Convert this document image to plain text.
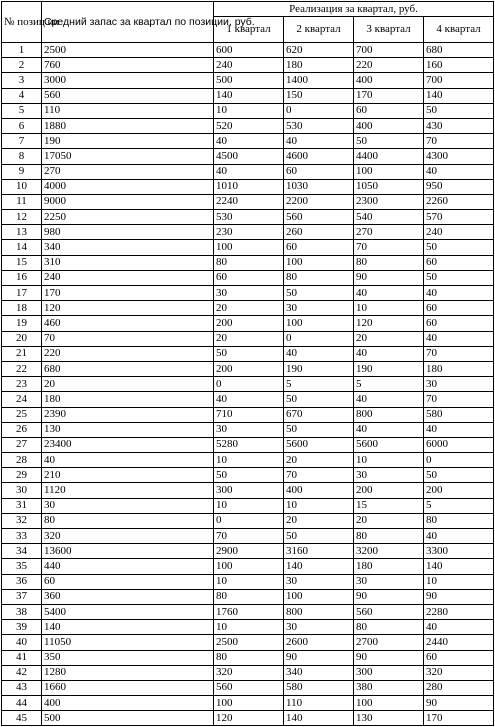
№ позиц ии	Средний запас за квартал по позиции, руб.	Реализация за квартал, руб.			
		1 квартал	2 квартал	3 квартал	4 квартал
1	2500	600	620	700	680
2	760	240	180	220	160
3	3000	500	1400	400	700
4	560	140	150	170	140
5	110	10	0	60	50
6	1880	520	530	400	430
7	190	40	40	50	70
8	17050	4500	4600	4400	4300
9	270	40	60	100	40
10	4000	1010	1030	1050	950
11	9000	2240	2200	2300	2260
12	2250	530	560	540	570
13	980	230	260	270	240
14	340	100	60	70	50
15	310	80	100	80	60
16	240	60	80	90	50
17	170	30	50	40	40
18	120	20	30	10	60
19	460	200	100	120	60
20	70	20	0	20	40
21	220	50	40	40	70
22	680	200	190	190	180
23	20	0	5	5	30
24	180	40	50	40	70
25	2390	710	670	800	580
26	130	30	50	40	40
27	23400	5280	5600	5600	6000
28	40	10	20	10	0
29	210	50	70	30	50
30	1120	300	400	200	200
31	30	10	10	15	5
32	80	0	20	20	80
33	320	70	50	80	40
34	13600	2900	3160	3200	3300
35	440	100	140	180	140
36	60	10	30	30	10
37	360	80	100	90	90
38	5400	1760	800	560	2280
39	140	10	30	80	40
40	11050	2500	2600	2700	2440
41	350	80	90	90	60
42	1280	320	340	300	320
43	1660	560	580	380	280
44	400	100	110	100	90
45	500	120	140	130	170
